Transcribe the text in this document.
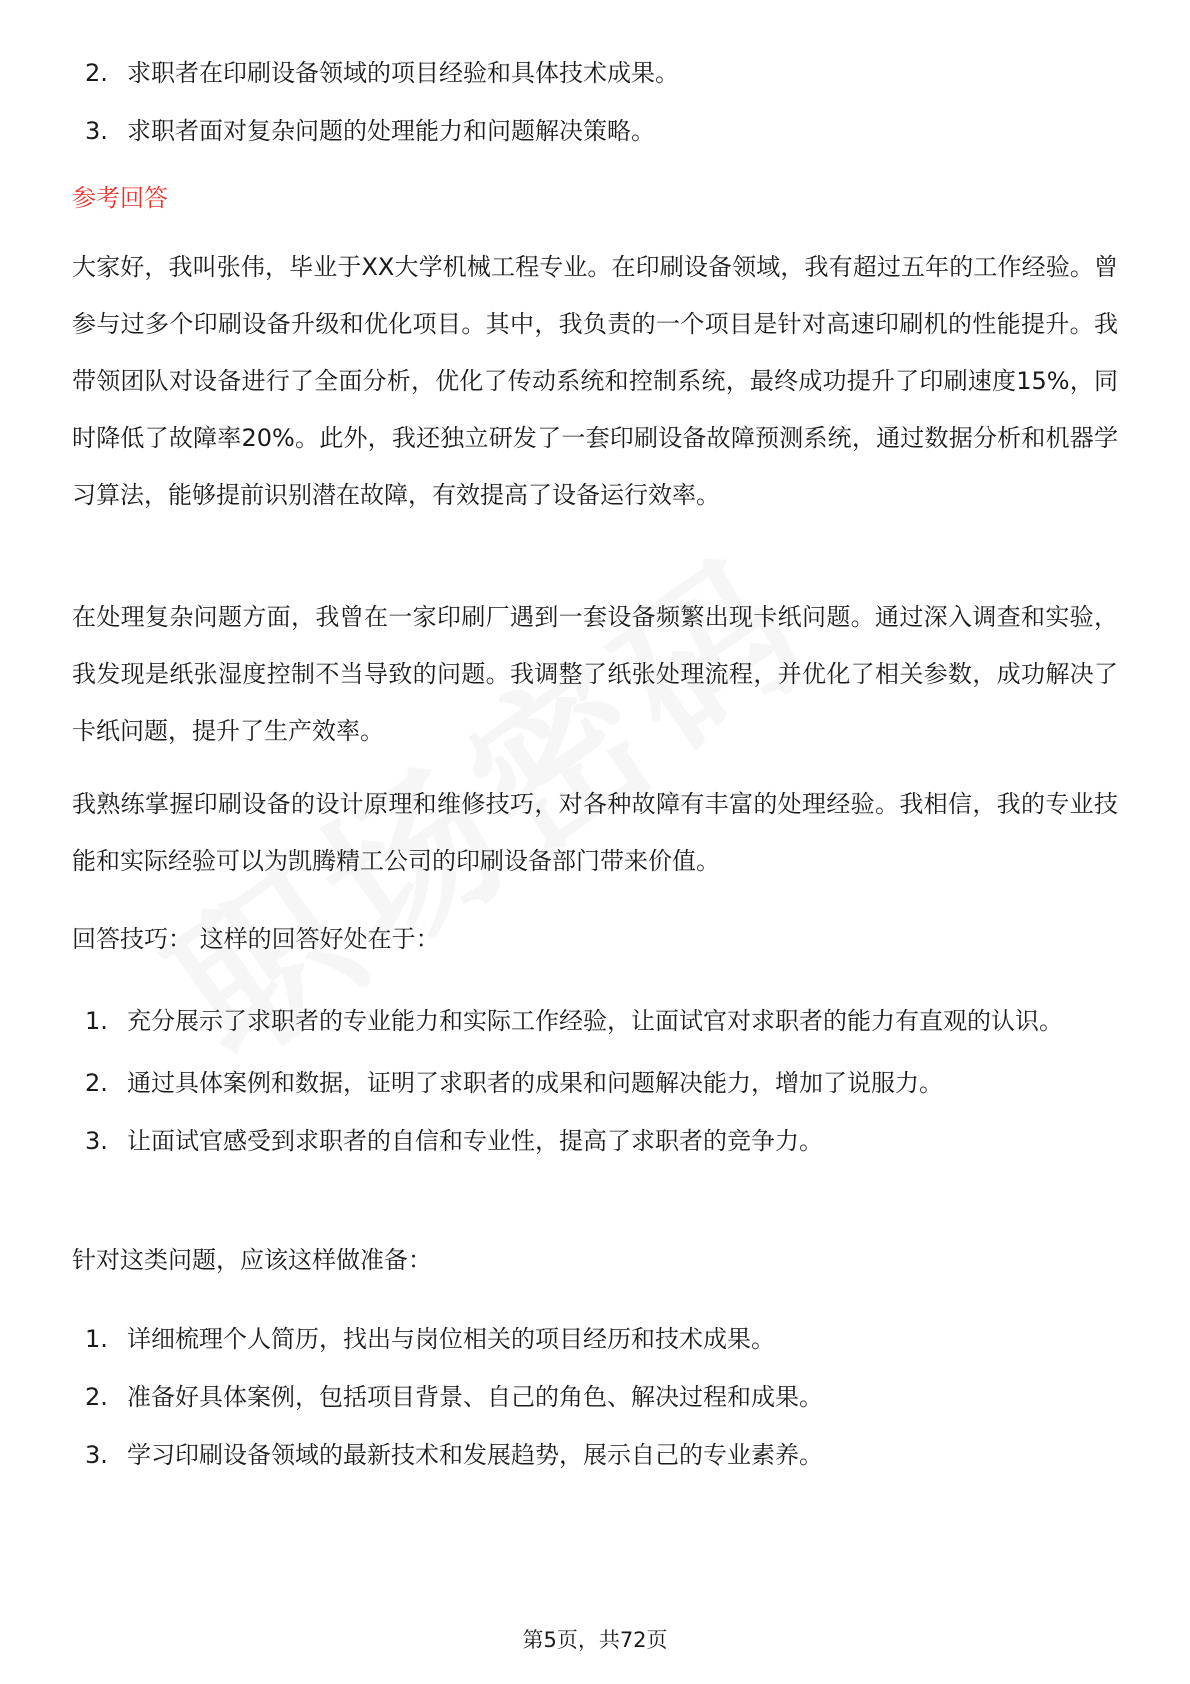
2. 求职者在印刷设备领域的项目经验和具体技术成果。
3. 求职者面对复杂问题的处理能力和问题解决策略。
参考回答

大家好，我叫张伟，毕业于XX大学机械工程专业。在印刷设备领域，我有超过五年的工作经验。曾参与过多个印刷设备升级和优化项目。其中，我负责的一个项目是针对高速印刷机的性能提升。我带领团队对设备进行了全面分析，优化了传动系统和控制系统，最终成功提升了印刷速度15%，同时降低了故障率20%。此外，我还独立研发了一套印刷设备故障预测系统，通过数据分析和机器学习算法，能够提前识别潜在故障，有效提高了设备运行效率。

在处理复杂问题方面，我曾在一家印刷厂遇到一套设备频繁出现卡纸问题。通过深入调查和实验，我发现是纸张湿度控制不当导致的问题。我调整了纸张处理流程，并优化了相关参数，成功解决了卡纸问题，提升了生产效率。

我熟练掌握印刷设备的设计原理和维修技巧，对各种故障有丰富的处理经验。我相信，我的专业技能和实际经验可以为凯腾精工公司的印刷设备部门带来价值。

回答技巧： 这样的回答好处在于：

1. 充分展示了求职者的专业能力和实际工作经验，让面试官对求职者的能力有直观的认识。
2. 通过具体案例和数据，证明了求职者的成果和问题解决能力，增加了说服力。
3. 让面试官感受到求职者的自信和专业性，提高了求职者的竞争力。

针对这类问题，应该这样做准备：

1. 详细梳理个人简历，找出与岗位相关的项目经历和技术成果。
2. 准备好具体案例，包括项目背景、自己的角色、解决过程和成果。
3. 学习印刷设备领域的最新技术和发展趋势，展示自己的专业素养。
第5页，共72页
